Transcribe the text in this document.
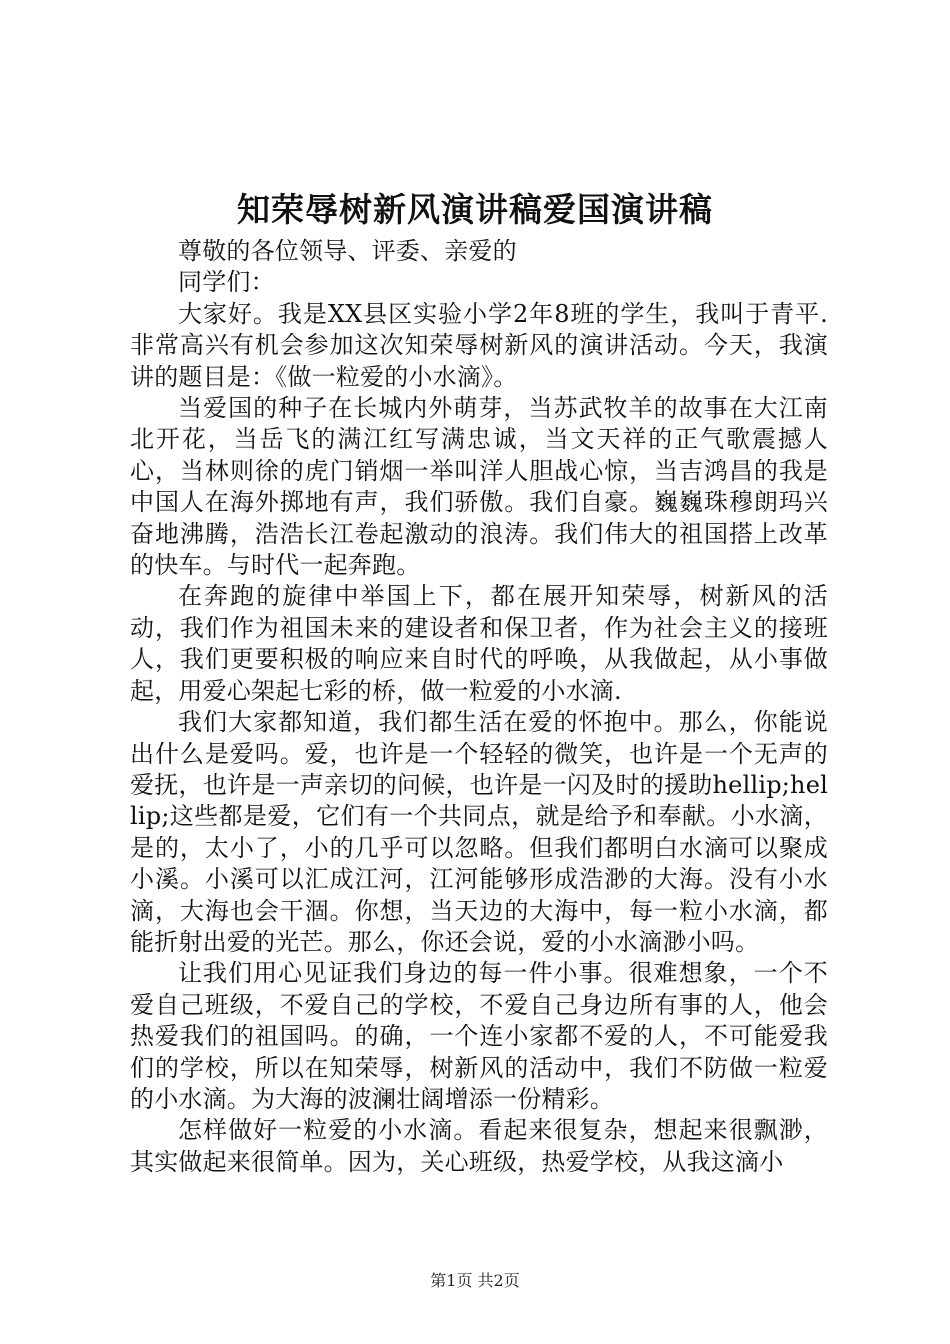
知荣辱树新风演讲稿爱国演讲稿

尊敬的各位领导、评委、亲爱的

同学们：

大家好。我是XX县区实验小学2年8班的学生，我叫于青平.非常高兴有机会参加这次知荣辱树新风的演讲活动。今天，我演讲的题目是：《做一粒爱的小水滴》。

当爱国的种子在长城内外萌芽，当苏武牧羊的故事在大江南北开花，当岳飞的满江红写满忠诚，当文天祥的正气歌震撼人心，当林则徐的虎门销烟一举叫洋人胆战心惊，当吉鸿昌的我是中国人在海外掷地有声，我们骄傲。我们自豪。巍巍珠穆朗玛兴奋地沸腾，浩浩长江卷起激动的浪涛。我们伟大的祖国搭上改革的快车。与时代一起奔跑。

在奔跑的旋律中举国上下，都在展开知荣辱，树新风的活动，我们作为祖国未来的建设者和保卫者，作为社会主义的接班人，我们更要积极的响应来自时代的呼唤，从我做起，从小事做起，用爱心架起七彩的桥，做一粒爱的小水滴.

我们大家都知道，我们都生活在爱的怀抱中。那么，你能说出什么是爱吗。爱，也许是一个轻轻的微笑，也许是一个无声的爱抚，也许是一声亲切的问候，也许是一闪及时的援助hellip;hellip;这些都是爱，它们有一个共同点，就是给予和奉献。小水滴，是的，太小了，小的几乎可以忽略。但我们都明白水滴可以聚成小溪。小溪可以汇成江河，江河能够形成浩渺的大海。没有小水滴，大海也会干涸。你想，当天边的大海中，每一粒小水滴，都能折射出爱的光芒。那么，你还会说，爱的小水滴渺小吗。

让我们用心见证我们身边的每一件小事。很难想象，一个不爱自己班级，不爱自己的学校，不爱自己身边所有事的人，他会热爱我们的祖国吗。的确，一个连小家都不爱的人，不可能爱我们的学校，所以在知荣辱，树新风的活动中，我们不防做一粒爱的小水滴。为大海的波澜壮阔增添一份精彩。

怎样做好一粒爱的小水滴。看起来很复杂，想起来很飘渺，其实做起来很简单。因为，关心班级，热爱学校，从我这滴小

第1页 共2页
